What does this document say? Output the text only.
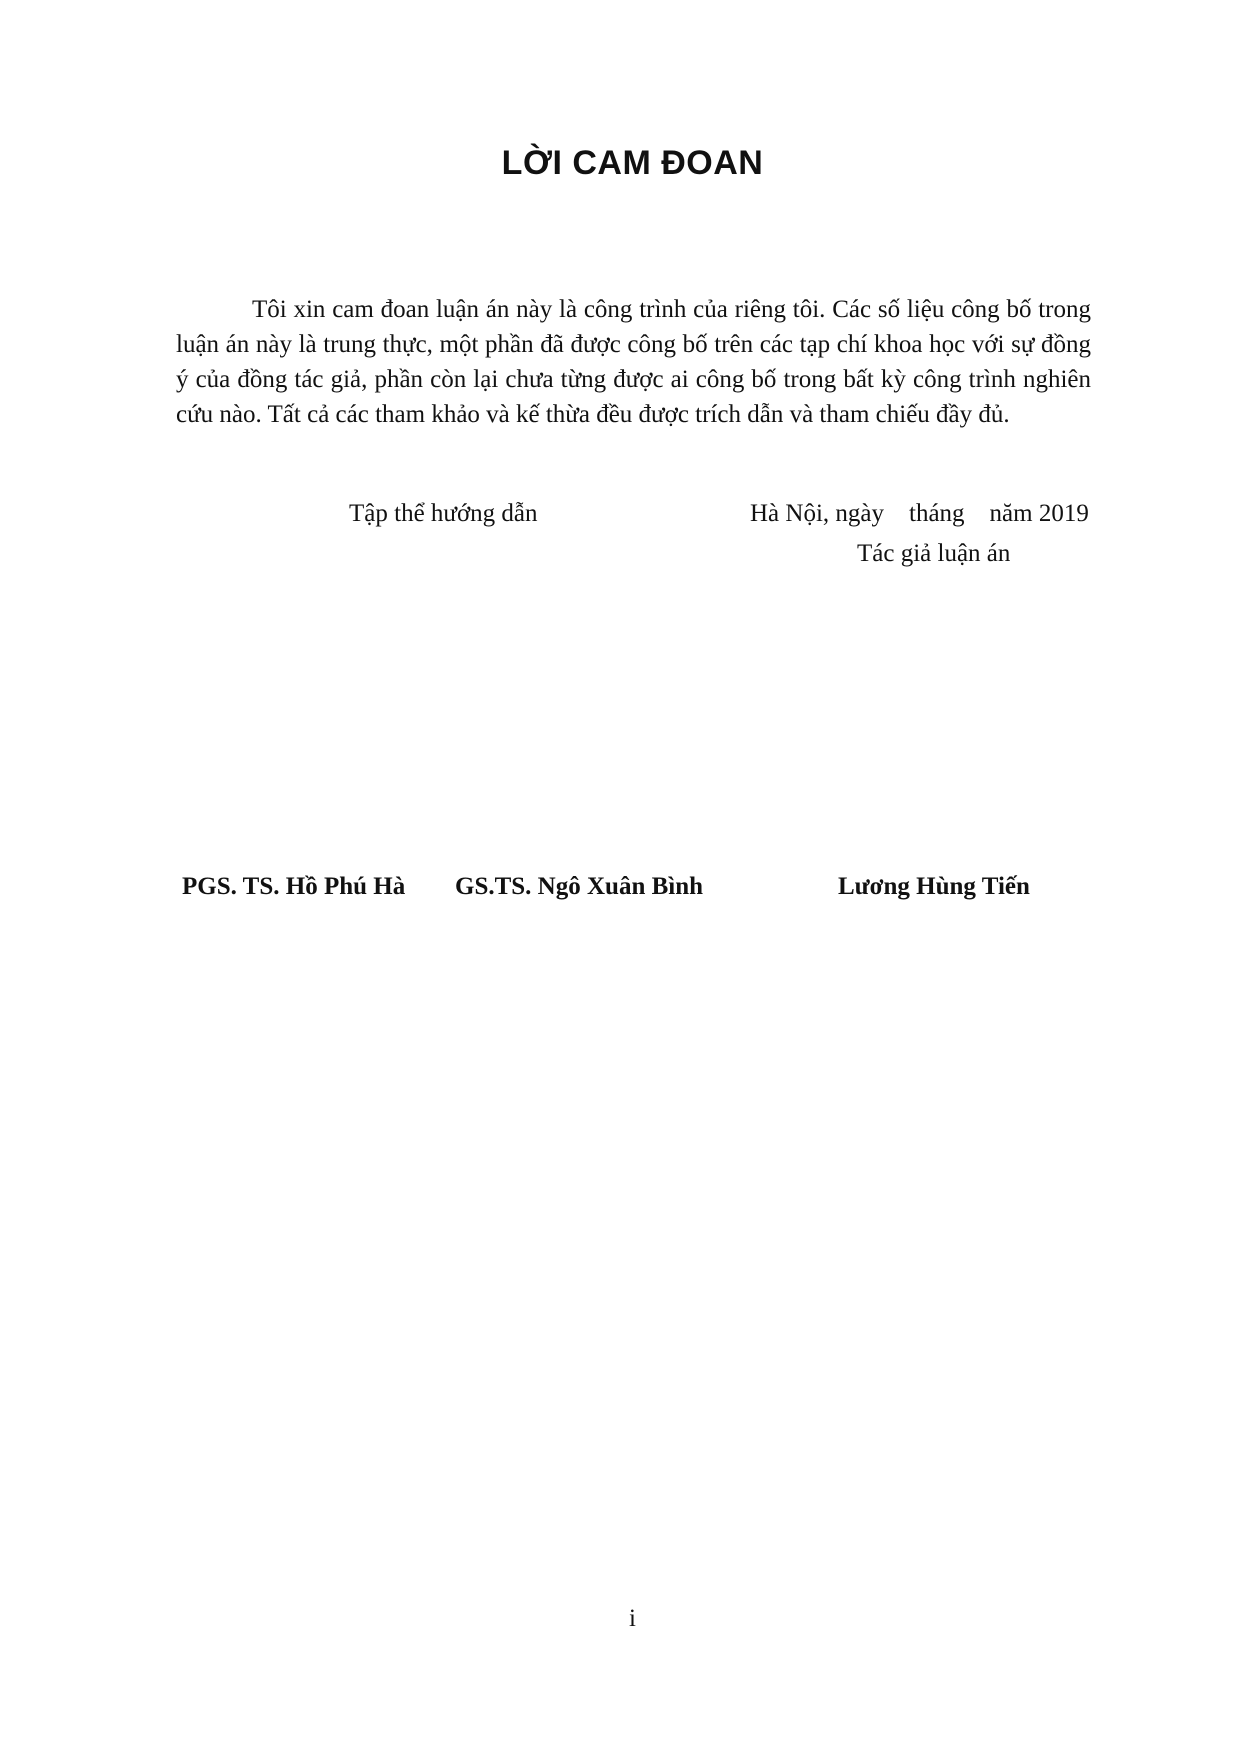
LỜI CAM ĐOAN
Tôi xin cam đoan luận án này là công trình của riêng tôi. Các số liệu công bố trong luận án này là trung thực, một phần đã được công bố trên các tạp chí khoa học với sự đồng ý của đồng tác giả, phần còn lại chưa từng được ai công bố trong bất kỳ công trình nghiên cứu nào. Tất cả các tham khảo và kế thừa đều được trích dẫn và tham chiếu đầy đủ.
Tập thể hướng dẫn	Hà Nội, ngày    tháng    năm 2019
Tác giả luận án
PGS. TS. Hồ Phú Hà GS.TS. Ngô Xuân Bình	Lương Hùng Tiến
i
